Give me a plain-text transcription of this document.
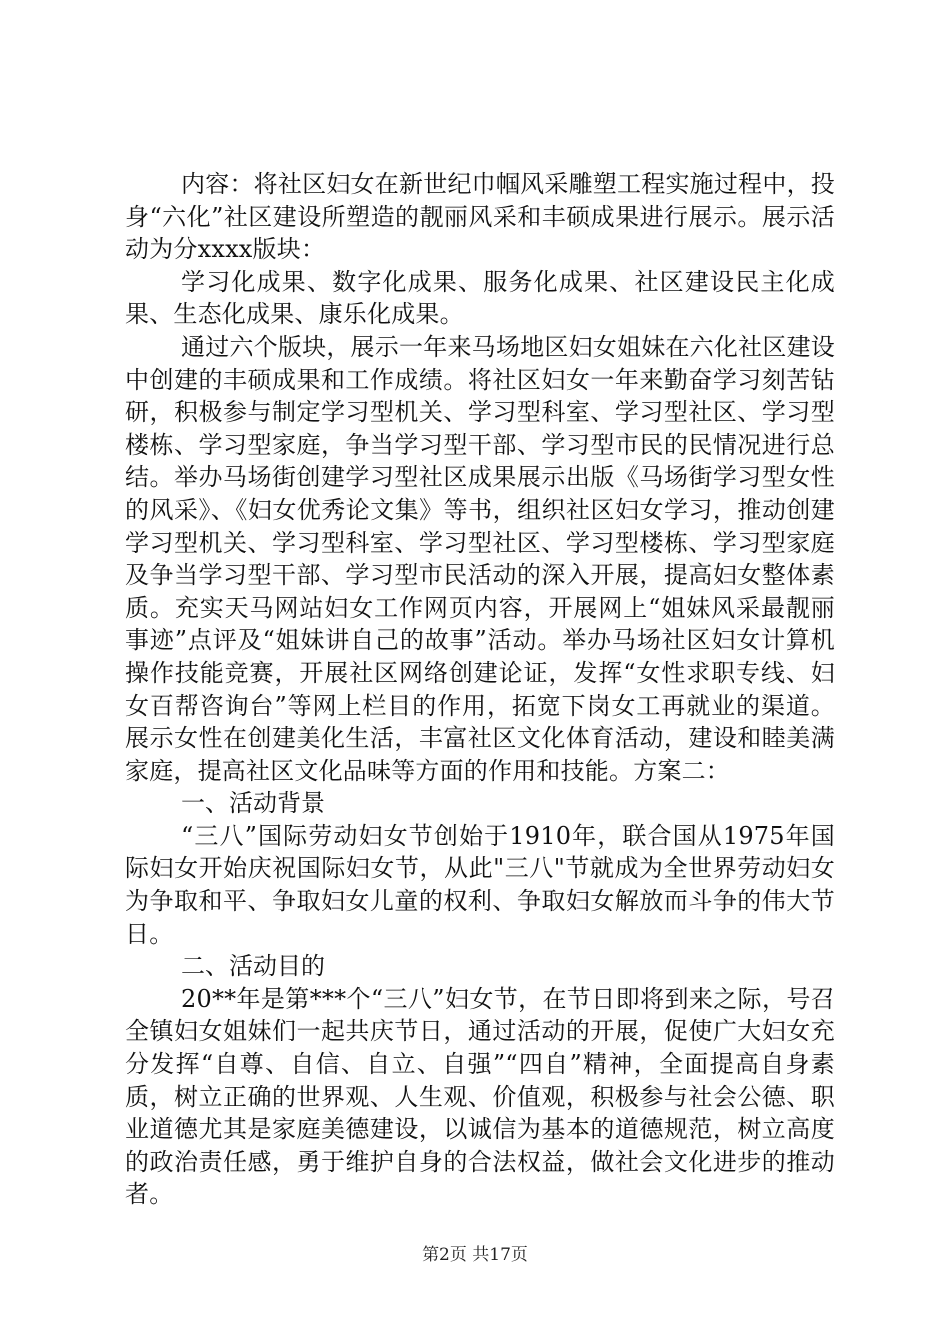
内容：将社区妇女在新世纪巾帼风采雕塑工程实施过程中，投身“六化”社区建设所塑造的靓丽风采和丰硕成果进行展示。展示活动为分xxxx版块：

学习化成果、数字化成果、服务化成果、社区建设民主化成果、生态化成果、康乐化成果。

通过六个版块，展示一年来马场地区妇女姐妹在六化社区建设中创建的丰硕成果和工作成绩。将社区妇女一年来勤奋学习刻苦钻研，积极参与制定学习型机关、学习型科室、学习型社区、学习型楼栋、学习型家庭，争当学习型干部、学习型市民的民情况进行总结。举办马场街创建学习型社区成果展示出版《马场街学习型女性的风采》、《妇女优秀论文集》等书，组织社区妇女学习，推动创建学习型机关、学习型科室、学习型社区、学习型楼栋、学习型家庭及争当学习型干部、学习型市民活动的深入开展，提高妇女整体素质。充实天马网站妇女工作网页内容，开展网上“姐妹风采最靓丽事迹”点评及“姐妹讲自己的故事”活动。举办马场社区妇女计算机操作技能竞赛，开展社区网络创建论证，发挥“女性求职专线、妇女百帮咨询台”等网上栏目的作用，拓宽下岗女工再就业的渠道。展示女性在创建美化生活，丰富社区文化体育活动，建设和睦美满家庭，提高社区文化品味等方面的作用和技能。方案二：

一、活动背景

“三八”国际劳动妇女节创始于1910年，联合国从1975年国际妇女开始庆祝国际妇女节，从此"三八"节就成为全世界劳动妇女为争取和平、争取妇女儿童的权利、争取妇女解放而斗争的伟大节日。

二、活动目的

20**年是第***个“三八”妇女节，在节日即将到来之际，号召全镇妇女姐妹们一起共庆节日，通过活动的开展，促使广大妇女充分发挥“自尊、自信、自立、自强”“四自”精神，全面提高自身素质，树立正确的世界观、人生观、价值观，积极参与社会公德、职业道德尤其是家庭美德建设，以诚信为基本的道德规范，树立高度的政治责任感，勇于维护自身的合法权益，做社会文化进步的推动者。

第2页 共17页
